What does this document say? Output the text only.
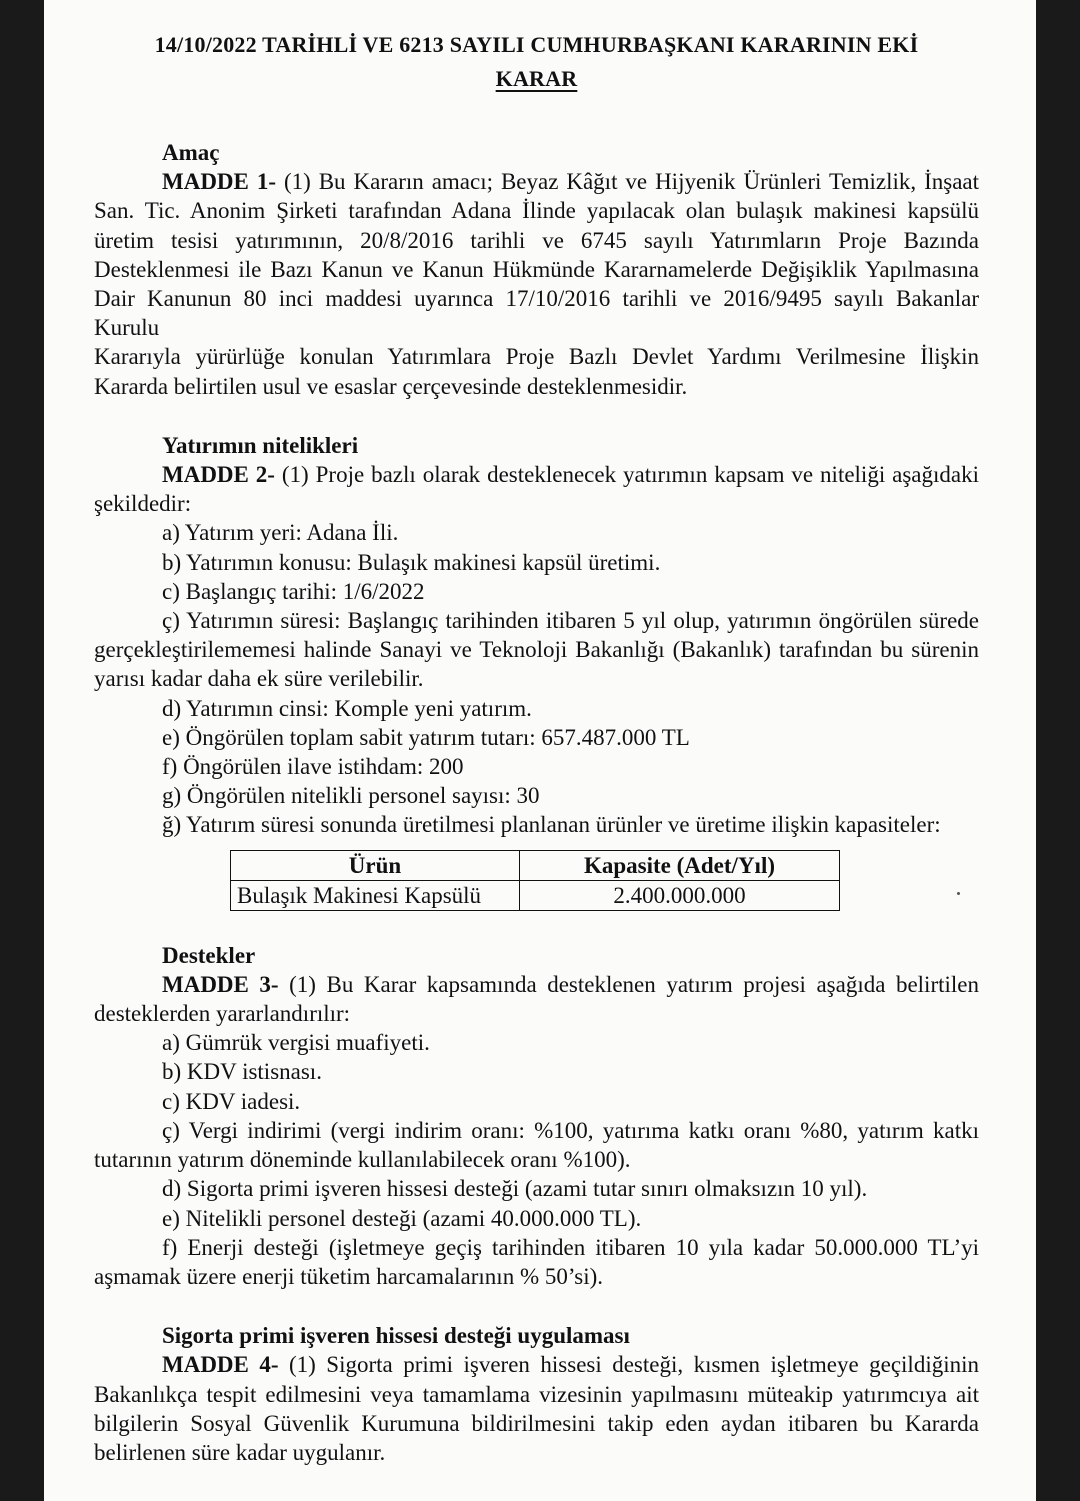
14/10/2022 TARİHLİ VE 6213 SAYILI CUMHURBAŞKANI KARARININ EKİ
KARAR

Amaç

MADDE 1- (1) Bu Kararın amacı; Beyaz Kâğıt ve Hijyenik Ürünleri Temizlik, İnşaat

San. Tic. Anonim Şirketi tarafından Adana İlinde yapılacak olan bulaşık makinesi kapsülü

üretim tesisi yatırımının, 20/8/2016 tarihli ve 6745 sayılı Yatırımların Proje Bazında

Desteklenmesi ile Bazı Kanun ve Kanun Hükmünde Kararnamelerde Değişiklik Yapılmasına

Dair Kanunun 80 inci maddesi uyarınca 17/10/2016 tarihli ve 2016/9495 sayılı Bakanlar Kurulu

Kararıyla yürürlüğe konulan Yatırımlara Proje Bazlı Devlet Yardımı Verilmesine İlişkin

Kararda belirtilen usul ve esaslar çerçevesinde desteklenmesidir.

Yatırımın nitelikleri

MADDE 2- (1) Proje bazlı olarak desteklenecek yatırımın kapsam ve niteliği aşağıdaki

şekildedir:

a) Yatırım yeri: Adana İli.

b) Yatırımın konusu: Bulaşık makinesi kapsül üretimi.

c) Başlangıç tarihi: 1/6/2022

ç) Yatırımın süresi: Başlangıç tarihinden itibaren 5 yıl olup, yatırımın öngörülen sürede

gerçekleştirilememesi halinde Sanayi ve Teknoloji Bakanlığı (Bakanlık) tarafından bu sürenin

yarısı kadar daha ek süre verilebilir.

d) Yatırımın cinsi: Komple yeni yatırım.

e) Öngörülen toplam sabit yatırım tutarı: 657.487.000 TL

f) Öngörülen ilave istihdam: 200

g) Öngörülen nitelikli personel sayısı: 30

ğ) Yatırım süresi sonunda üretilmesi planlanan ürünler ve üretime ilişkin kapasiteler:

Ürün	Kapasite (Adet/Yıl)
Bulaşık Makinesi Kapsülü	2.400.000.000

Destekler

MADDE 3- (1) Bu Karar kapsamında desteklenen yatırım projesi aşağıda belirtilen

desteklerden yararlandırılır:

a) Gümrük vergisi muafiyeti.

b) KDV istisnası.

c) KDV iadesi.

ç) Vergi indirimi (vergi indirim oranı: %100, yatırıma katkı oranı %80, yatırım katkı

tutarının yatırım döneminde kullanılabilecek oranı %100).

d) Sigorta primi işveren hissesi desteği (azami tutar sınırı olmaksızın 10 yıl).

e) Nitelikli personel desteği (azami 40.000.000 TL).

f) Enerji desteği (işletmeye geçiş tarihinden itibaren 10 yıla kadar 50.000.000 TL’yi

aşmamak üzere enerji tüketim harcamalarının % 50’si).

Sigorta primi işveren hissesi desteği uygulaması

MADDE 4- (1) Sigorta primi işveren hissesi desteği, kısmen işletmeye geçildiğinin

Bakanlıkça tespit edilmesini veya tamamlama vizesinin yapılmasını müteakip yatırımcıya ait

bilgilerin Sosyal Güvenlik Kurumuna bildirilmesini takip eden aydan itibaren bu Kararda

belirlenen süre kadar uygulanır.
